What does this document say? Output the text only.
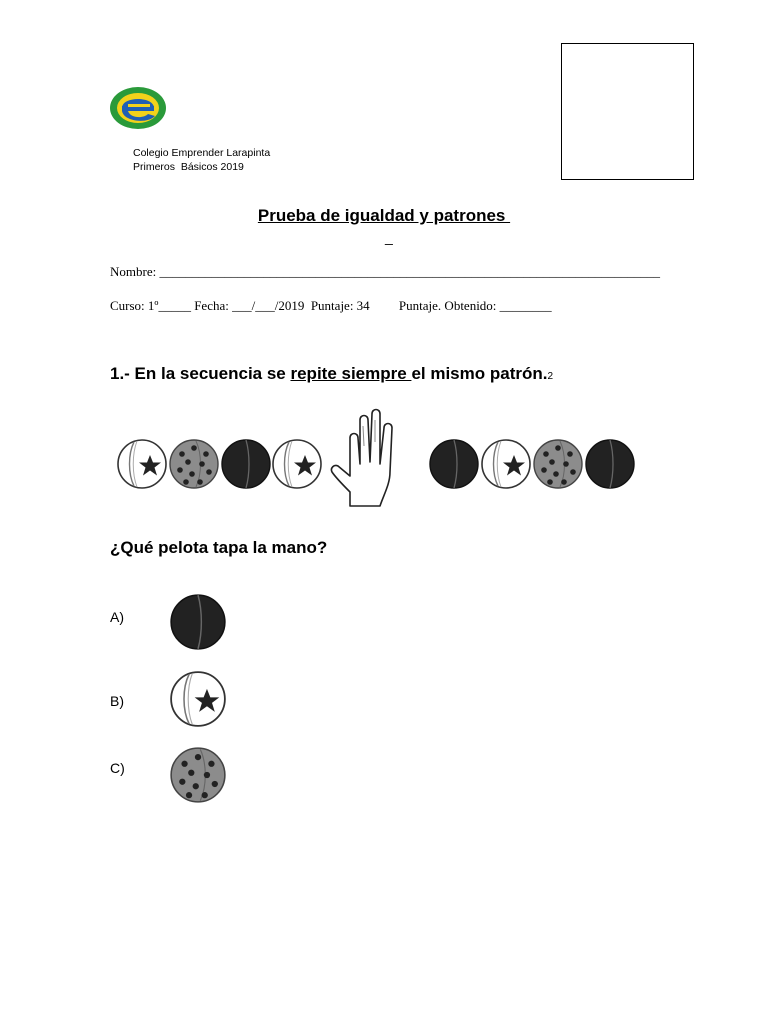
Colegio Emprender Larapinta
Primeros  Básicos 2019
Prueba de igualdad y patrones
_
Nombre: _____________________________________________________________________________
Curso: 1º_____ Fecha: ___/___/2019  Puntaje: 34         Puntaje. Obtenido: ________
1.- En la secuencia se repite siempre el mismo patrón.2
¿Qué pelota tapa la mano?
A)
B)
C)
